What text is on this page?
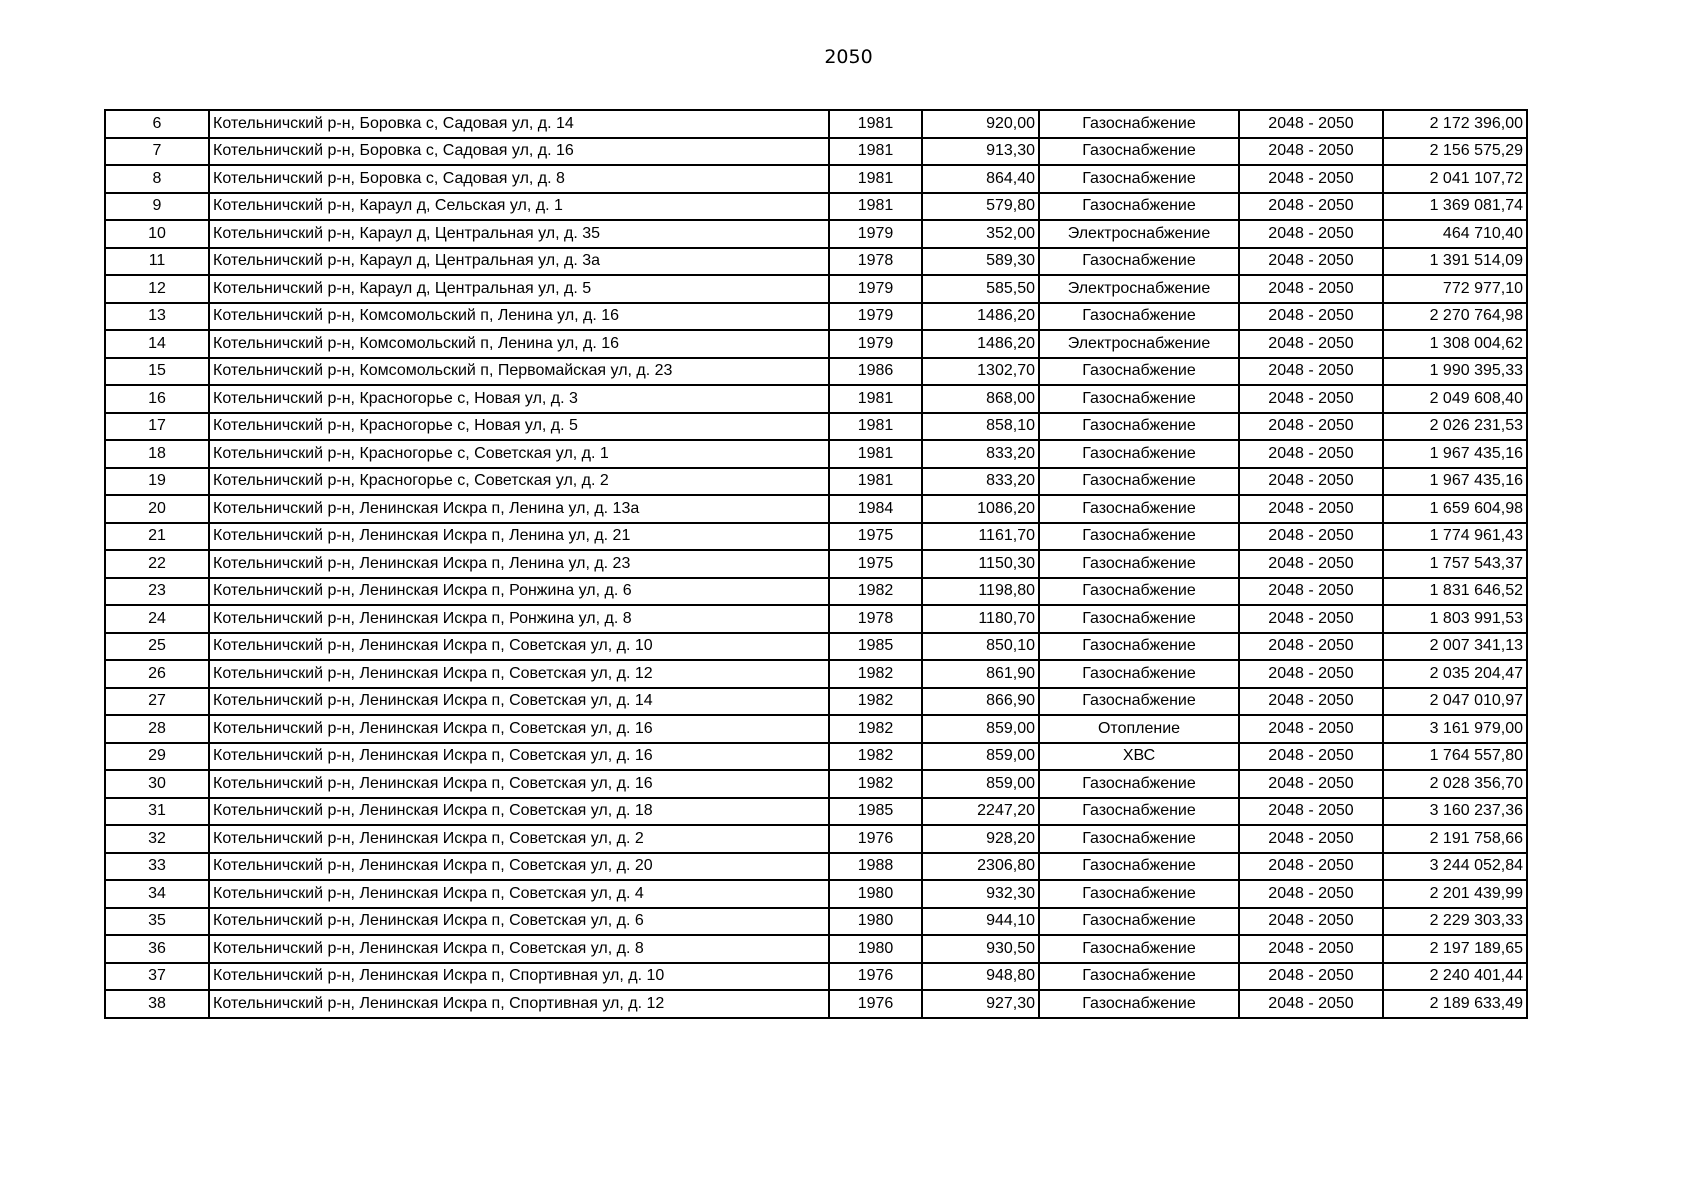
2050
6	Котельничский р-н, Боровка с, Садовая ул, д. 14	1981	920,00	Газоснабжение	2048 - 2050	2 172 396,00
7	Котельничский р-н, Боровка с, Садовая ул, д. 16	1981	913,30	Газоснабжение	2048 - 2050	2 156 575,29
8	Котельничский р-н, Боровка с, Садовая ул, д. 8	1981	864,40	Газоснабжение	2048 - 2050	2 041 107,72
9	Котельничский р-н, Караул д, Сельская ул, д. 1	1981	579,80	Газоснабжение	2048 - 2050	1 369 081,74
10	Котельничский р-н, Караул д, Центральная ул, д. 35	1979	352,00	Электроснабжение	2048 - 2050	464 710,40
11	Котельничский р-н, Караул д, Центральная ул, д. 3а	1978	589,30	Газоснабжение	2048 - 2050	1 391 514,09
12	Котельничский р-н, Караул д, Центральная ул, д. 5	1979	585,50	Электроснабжение	2048 - 2050	772 977,10
13	Котельничский р-н, Комсомольский п, Ленина ул, д. 16	1979	1486,20	Газоснабжение	2048 - 2050	2 270 764,98
14	Котельничский р-н, Комсомольский п, Ленина ул, д. 16	1979	1486,20	Электроснабжение	2048 - 2050	1 308 004,62
15	Котельничский р-н, Комсомольский п, Первомайская ул, д. 23	1986	1302,70	Газоснабжение	2048 - 2050	1 990 395,33
16	Котельничский р-н, Красногорье с, Новая ул, д. 3	1981	868,00	Газоснабжение	2048 - 2050	2 049 608,40
17	Котельничский р-н, Красногорье с, Новая ул, д. 5	1981	858,10	Газоснабжение	2048 - 2050	2 026 231,53
18	Котельничский р-н, Красногорье с, Советская ул, д. 1	1981	833,20	Газоснабжение	2048 - 2050	1 967 435,16
19	Котельничский р-н, Красногорье с, Советская ул, д. 2	1981	833,20	Газоснабжение	2048 - 2050	1 967 435,16
20	Котельничский р-н, Ленинская Искра п, Ленина ул, д. 13а	1984	1086,20	Газоснабжение	2048 - 2050	1 659 604,98
21	Котельничский р-н, Ленинская Искра п, Ленина ул, д. 21	1975	1161,70	Газоснабжение	2048 - 2050	1 774 961,43
22	Котельничский р-н, Ленинская Искра п, Ленина ул, д. 23	1975	1150,30	Газоснабжение	2048 - 2050	1 757 543,37
23	Котельничский р-н, Ленинская Искра п, Ронжина ул, д. 6	1982	1198,80	Газоснабжение	2048 - 2050	1 831 646,52
24	Котельничский р-н, Ленинская Искра п, Ронжина ул, д. 8	1978	1180,70	Газоснабжение	2048 - 2050	1 803 991,53
25	Котельничский р-н, Ленинская Искра п, Советская ул, д. 10	1985	850,10	Газоснабжение	2048 - 2050	2 007 341,13
26	Котельничский р-н, Ленинская Искра п, Советская ул, д. 12	1982	861,90	Газоснабжение	2048 - 2050	2 035 204,47
27	Котельничский р-н, Ленинская Искра п, Советская ул, д. 14	1982	866,90	Газоснабжение	2048 - 2050	2 047 010,97
28	Котельничский р-н, Ленинская Искра п, Советская ул, д. 16	1982	859,00	Отопление	2048 - 2050	3 161 979,00
29	Котельничский р-н, Ленинская Искра п, Советская ул, д. 16	1982	859,00	ХВС	2048 - 2050	1 764 557,80
30	Котельничский р-н, Ленинская Искра п, Советская ул, д. 16	1982	859,00	Газоснабжение	2048 - 2050	2 028 356,70
31	Котельничский р-н, Ленинская Искра п, Советская ул, д. 18	1985	2247,20	Газоснабжение	2048 - 2050	3 160 237,36
32	Котельничский р-н, Ленинская Искра п, Советская ул, д. 2	1976	928,20	Газоснабжение	2048 - 2050	2 191 758,66
33	Котельничский р-н, Ленинская Искра п, Советская ул, д. 20	1988	2306,80	Газоснабжение	2048 - 2050	3 244 052,84
34	Котельничский р-н, Ленинская Искра п, Советская ул, д. 4	1980	932,30	Газоснабжение	2048 - 2050	2 201 439,99
35	Котельничский р-н, Ленинская Искра п, Советская ул, д. 6	1980	944,10	Газоснабжение	2048 - 2050	2 229 303,33
36	Котельничский р-н, Ленинская Искра п, Советская ул, д. 8	1980	930,50	Газоснабжение	2048 - 2050	2 197 189,65
37	Котельничский р-н, Ленинская Искра п, Спортивная ул, д. 10	1976	948,80	Газоснабжение	2048 - 2050	2 240 401,44
38	Котельничский р-н, Ленинская Искра п, Спортивная ул, д. 12	1976	927,30	Газоснабжение	2048 - 2050	2 189 633,49
